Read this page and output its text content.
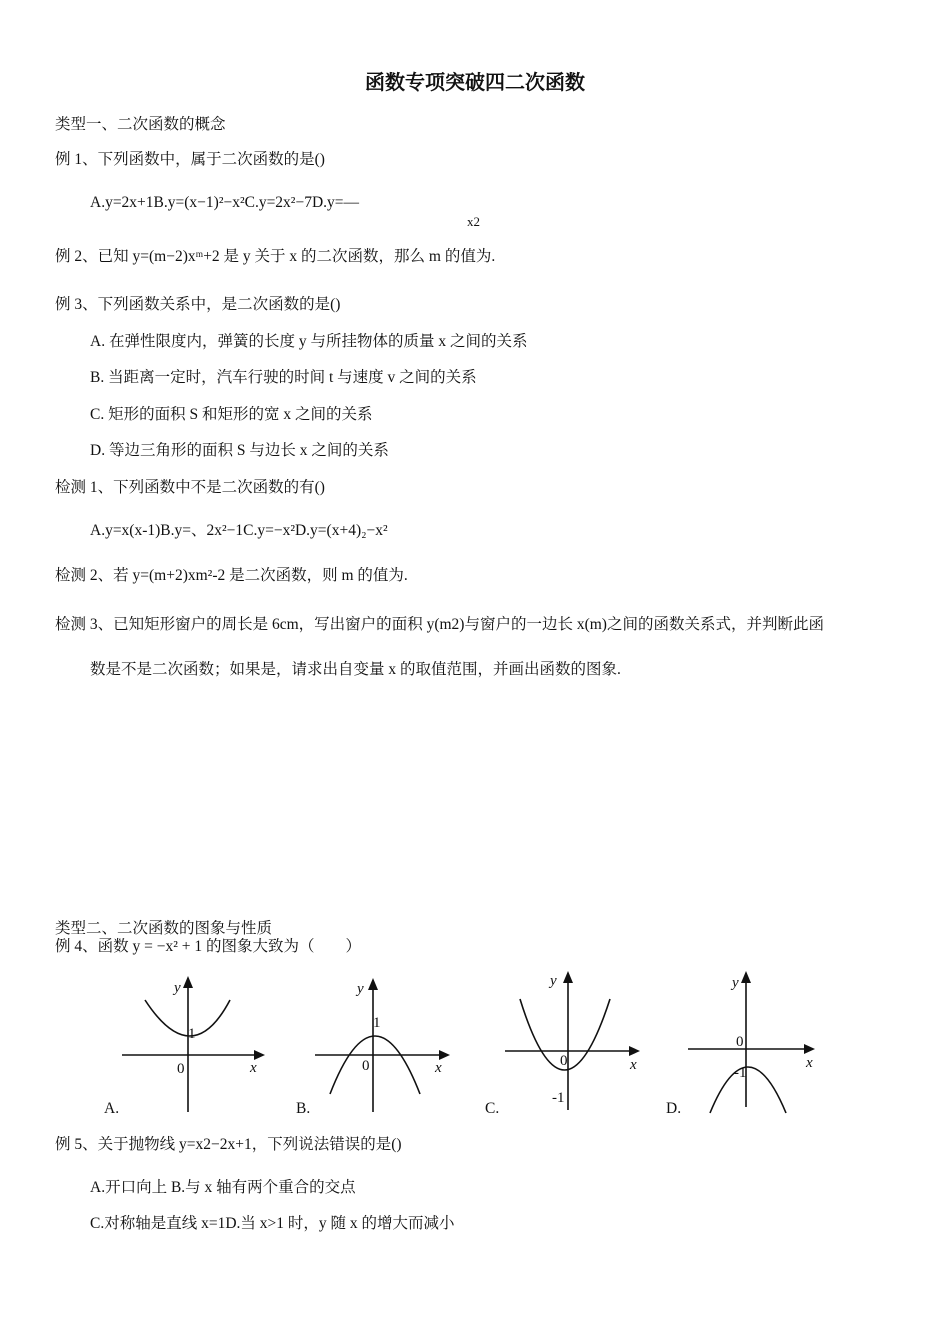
函数专项突破四二次函数
类型一、二次函数的概念
例 1、下列函数中，属于二次函数的是()
A.y=2x+1B.y=(x−1)²−x²C.y=2x²−7D.y=—
x2
例 2、已知 y=(m−2)xᵐ+2 是 y 关于 x 的二次函数，那么 m 的值为.
例 3、下列函数关系中，是二次函数的是()
A. 在弹性限度内，弹簧的长度 y 与所挂物体的质量 x 之间的关系
B. 当距离一定时，汽车行驶的时间 t 与速度 v 之间的关系
C. 矩形的面积 S 和矩形的宽 x 之间的关系
D. 等边三角形的面积 S 与边长 x 之间的关系
检测 1、下列函数中不是二次函数的有()
A.y=x(x-1)B.y=、2x²−1C.y=−x²D.y=(x+4)₂−x²
检测 2、若 y=(m+2)xm²-2 是二次函数，则 m 的值为.
检测 3、已知矩形窗户的周长是 6cm，写出窗户的面积 y(m2)与窗户的一边长 x(m)之间的函数关系式，并判断此函
数是不是二次函数；如果是，请求出自变量 x 的取值范围，并画出函数的图象.
类型二、二次函数的图象与性质
例 4、函数 y = −x² + 1 的图象大致为（　　）
y
x
0
1
A.
y
x
0
1
B.
y
x
0
-1
C.
y
x
0
-1
D.
例 5、关于抛物线 y=x2−2x+1，下列说法错误的是()
A.开口向上 B.与 x 轴有两个重合的交点
C.对称轴是直线 x=1D.当 x>1 时，y 随 x 的增大而减小
